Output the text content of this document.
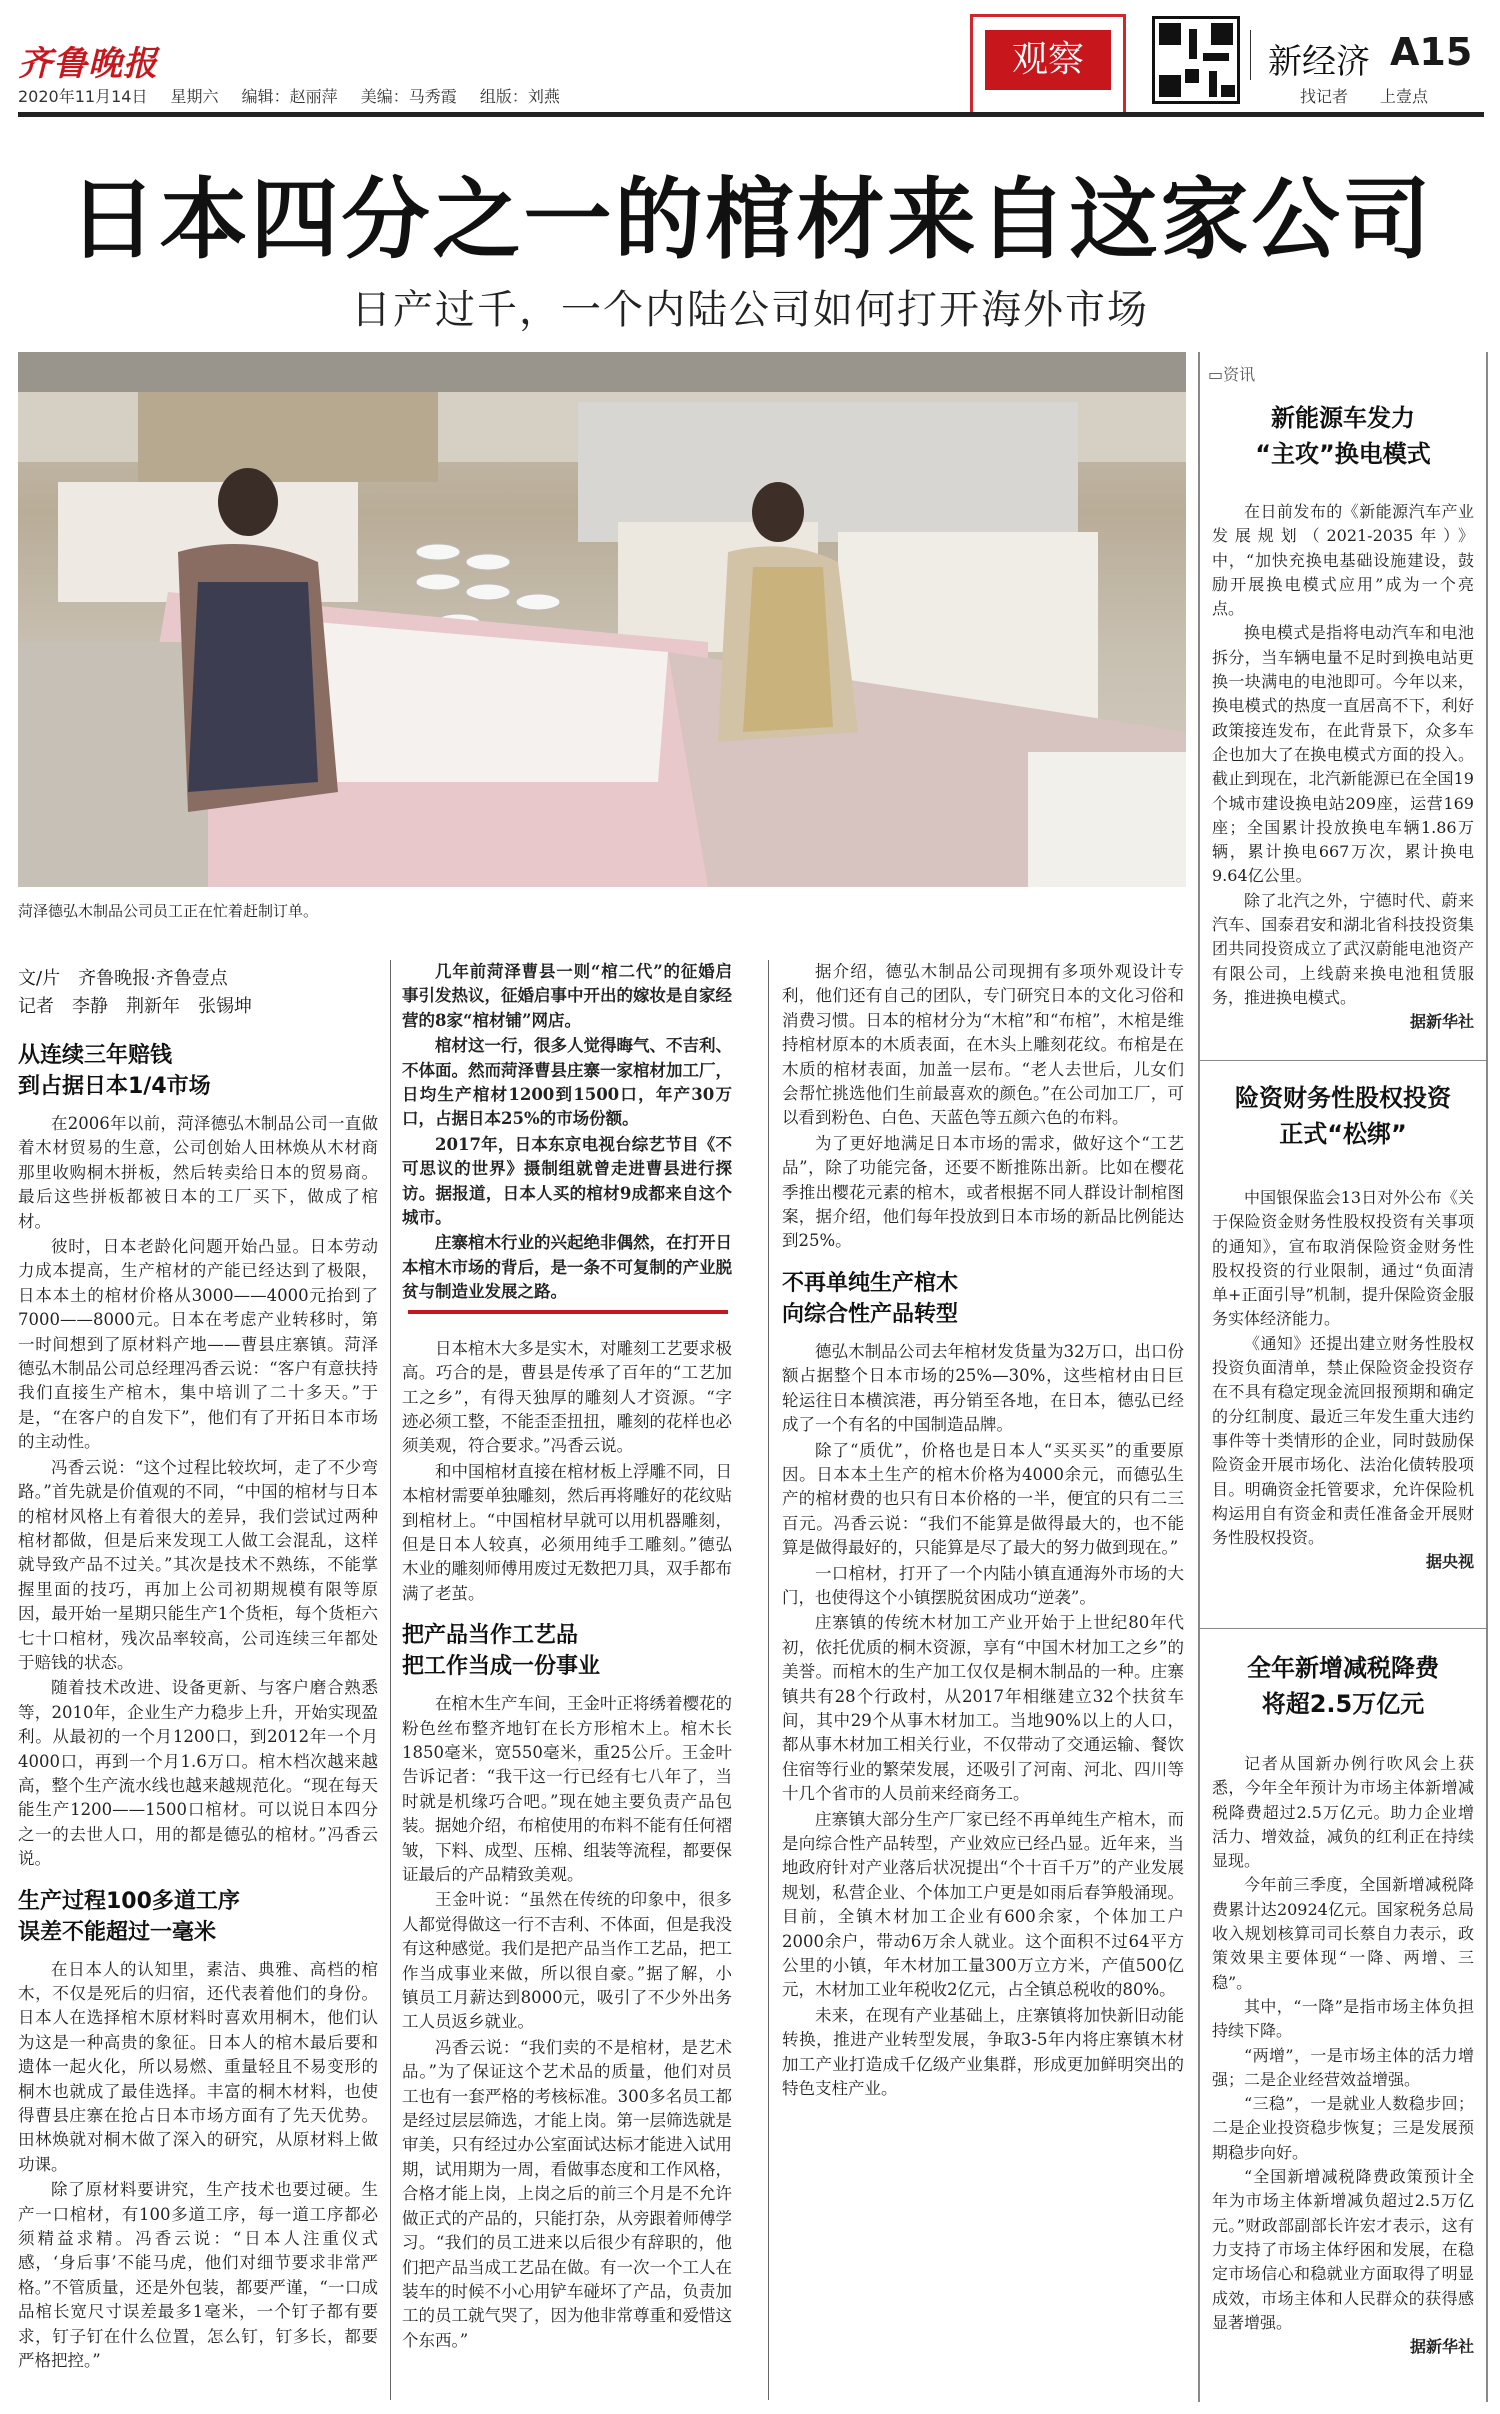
齐鲁晚报
2020年11月14日 星期六 编辑：赵丽萍 美编：马秀霞 组版：刘燕
观察	新经济 A15
找记者　　上壹点
日本四分之一的棺材来自这家公司
日产过千，一个内陆公司如何打开海外市场
菏泽德弘木制品公司员工正在忙着赶制订单。
文/片　齐鲁晚报·齐鲁壹点
记者　李静　荆新年　张锡坤
从连续三年赔钱
到占据日本1/4市场

在2006年以前，菏泽德弘木制品公司一直做着木材贸易的生意，公司创始人田林焕从木材商那里收购桐木拼板，然后转卖给日本的贸易商。最后这些拼板都被日本的工厂买下，做成了棺材。

彼时，日本老龄化问题开始凸显。日本劳动力成本提高，生产棺材的产能已经达到了极限，日本本土的棺材价格从3000——4000元抬到了7000——8000元。日本在考虑产业转移时，第一时间想到了原材料产地——曹县庄寨镇。菏泽德弘木制品公司总经理冯香云说：“客户有意扶持我们直接生产棺木，集中培训了二十多天。”于是，“在客户的自发下”，他们有了开拓日本市场的主动性。

冯香云说：“这个过程比较坎坷，走了不少弯路。”首先就是价值观的不同，“中国的棺材与日本的棺材风格上有着很大的差异，我们尝试过两种棺材都做，但是后来发现工人做工会混乱，这样就导致产品不过关。”其次是技术不熟练，不能掌握里面的技巧，再加上公司初期规模有限等原因，最开始一星期只能生产1个货柜，每个货柜六七十口棺材，残次品率较高，公司连续三年都处于赔钱的状态。

随着技术改进、设备更新、与客户磨合熟悉等，2010年，企业生产力稳步上升，开始实现盈利。从最初的一个月1200口，到2012年一个月4000口，再到一个月1.6万口。棺木档次越来越高，整个生产流水线也越来越规范化。“现在每天能生产1200——1500口棺材。可以说日本四分之一的去世人口，用的都是德弘的棺材。”冯香云说。

生产过程100多道工序
误差不能超过一毫米

在日本人的认知里，素洁、典雅、高档的棺木，不仅是死后的归宿，还代表着他们的身份。日本人在选择棺木原材料时喜欢用桐木，他们认为这是一种高贵的象征。日本人的棺木最后要和遗体一起火化，所以易燃、重量轻且不易变形的桐木也就成了最佳选择。丰富的桐木材料，也使得曹县庄寨在抢占日本市场方面有了先天优势。田林焕就对桐木做了深入的研究，从原材料上做功课。

除了原材料要讲究，生产技术也要过硬。生产一口棺材，有100多道工序，每一道工序都必须精益求精。冯香云说：“日本人注重仪式感，‘身后事’不能马虎，他们对细节要求非常严格。”不管质量，还是外包装，都要严谨，“一口成品棺长宽尺寸误差最多1毫米，一个钉子都有要求，钉子钉在什么位置，怎么钉，钉多长，都要严格把控。”

几年前菏泽曹县一则“棺二代”的征婚启事引发热议，征婚启事中开出的嫁妆是自家经营的8家“棺材铺”网店。

棺材这一行，很多人觉得晦气、不吉利、不体面。然而菏泽曹县庄寨一家棺材加工厂，日均生产棺材1200到1500口，年产30万口，占据日本25%的市场份额。

2017年，日本东京电视台综艺节目《不可思议的世界》摄制组就曾走进曹县进行探访。据报道，日本人买的棺材9成都来自这个城市。

庄寨棺木行业的兴起绝非偶然，在打开日本棺木市场的背后，是一条不可复制的产业脱贫与制造业发展之路。

日本棺木大多是实木，对雕刻工艺要求极高。巧合的是，曹县是传承了百年的“工艺加工之乡”，有得天独厚的雕刻人才资源。“字迹必须工整，不能歪歪扭扭，雕刻的花样也必须美观，符合要求。”冯香云说。

和中国棺材直接在棺材板上浮雕不同，日本棺材需要单独雕刻，然后再将雕好的花纹贴到棺材上。“中国棺材早就可以用机器雕刻，但是日本人较真，必须用纯手工雕刻。”德弘木业的雕刻师傅用废过无数把刀具，双手都布满了老茧。

把产品当作工艺品
把工作当成一份事业

在棺木生产车间，王金叶正将绣着樱花的粉色丝布整齐地钉在长方形棺木上。棺木长1850毫米，宽550毫米，重25公斤。王金叶告诉记者：“我干这一行已经有七八年了，当时就是机缘巧合吧。”现在她主要负责产品包装。据她介绍，布棺使用的布料不能有任何褶皱，下料、成型、压棉、组装等流程，都要保证最后的产品精致美观。

王金叶说：“虽然在传统的印象中，很多人都觉得做这一行不吉利、不体面，但是我没有这种感觉。我们是把产品当作工艺品，把工作当成事业来做，所以很自豪。”据了解，小镇员工月薪达到8000元，吸引了不少外出务工人员返乡就业。

冯香云说：“我们卖的不是棺材，是艺术品。”为了保证这个艺术品的质量，他们对员工也有一套严格的考核标准。300多名员工都是经过层层筛选，才能上岗。第一层筛选就是审美，只有经过办公室面试达标才能进入试用期，试用期为一周，看做事态度和工作风格，合格才能上岗，上岗之后的前三个月是不允许做正式的产品的，只能打杂，从旁跟着师傅学习。“我们的员工进来以后很少有辞职的，他们把产品当成工艺品在做。有一次一个工人在装车的时候不小心用铲车碰坏了产品，负责加工的员工就气哭了，因为他非常尊重和爱惜这个东西。”

据介绍，德弘木制品公司现拥有多项外观设计专利，他们还有自己的团队，专门研究日本的文化习俗和消费习惯。日本的棺材分为“木棺”和“布棺”，木棺是维持棺材原本的木质表面，在木头上雕刻花纹。布棺是在木质的棺材表面，加盖一层布。“老人去世后，儿女们会帮忙挑选他们生前最喜欢的颜色。”在公司加工厂，可以看到粉色、白色、天蓝色等五颜六色的布料。

为了更好地满足日本市场的需求，做好这个“工艺品”，除了功能完备，还要不断推陈出新。比如在樱花季推出樱花元素的棺木，或者根据不同人群设计制棺图案，据介绍，他们每年投放到日本市场的新品比例能达到25%。

不再单纯生产棺木
向综合性产品转型

德弘木制品公司去年棺材发货量为32万口，出口份额占据整个日本市场的25%—30%，这些棺材由日巨轮运往日本横滨港，再分销至各地，在日本，德弘已经成了一个有名的中国制造品牌。

除了“质优”，价格也是日本人“买买买”的重要原因。日本本土生产的棺木价格为4000余元，而德弘生产的棺材费的也只有日本价格的一半，便宜的只有二三百元。冯香云说：“我们不能算是做得最大的，也不能算是做得最好的，只能算是尽了最大的努力做到现在。”

一口棺材，打开了一个内陆小镇直通海外市场的大门，也使得这个小镇摆脱贫困成功“逆袭”。

庄寨镇的传统木材加工产业开始于上世纪80年代初，依托优质的桐木资源，享有“中国木材加工之乡”的美誉。而棺木的生产加工仅仅是桐木制品的一种。庄寨镇共有28个行政村，从2017年相继建立32个扶贫车间，其中29个从事木材加工。当地90%以上的人口，都从事木材加工相关行业，不仅带动了交通运输、餐饮住宿等行业的繁荣发展，还吸引了河南、河北、四川等十几个省市的人员前来经商务工。

庄寨镇大部分生产厂家已经不再单纯生产棺木，而是向综合性产品转型，产业效应已经凸显。近年来，当地政府针对产业落后状况提出“个十百千万”的产业发展规划，私营企业、个体加工户更是如雨后春笋般涌现。目前，全镇木材加工企业有600余家，个体加工户2000余户，带动6万余人就业。这个面积不过64平方公里的小镇，年木材加工量300万立方米，产值500亿元，木材加工业年税收2亿元，占全镇总税收的80%。

未来，在现有产业基础上，庄寨镇将加快新旧动能转换，推进产业转型发展，争取3-5年内将庄寨镇木材加工产业打造成千亿级产业集群，形成更加鲜明突出的特色支柱产业。

▭资讯
新能源车发力
“主攻”换电模式

在日前发布的《新能源汽车产业发展规划（2021-2035年）》中，“加快充换电基础设施建设，鼓励开展换电模式应用”成为一个亮点。

换电模式是指将电动汽车和电池拆分，当车辆电量不足时到换电站更换一块满电的电池即可。今年以来，换电模式的热度一直居高不下，利好政策接连发布，在此背景下，众多车企也加大了在换电模式方面的投入。截止到现在，北汽新能源已在全国19个城市建设换电站209座，运营169座；全国累计投放换电车辆1.86万辆，累计换电667万次，累计换电9.64亿公里。

除了北汽之外，宁德时代、蔚来汽车、国泰君安和湖北省科技投资集团共同投资成立了武汉蔚能电池资产有限公司，上线蔚来换电池租赁服务，推进换电模式。

据新华社
险资财务性股权投资
正式“松绑”

中国银保监会13日对外公布《关于保险资金财务性股权投资有关事项的通知》，宣布取消保险资金财务性股权投资的行业限制，通过“负面清单+正面引导”机制，提升保险资金服务实体经济能力。

《通知》还提出建立财务性股权投资负面清单，禁止保险资金投资存在不具有稳定现金流回报预期和确定的分红制度、最近三年发生重大违约事件等十类情形的企业，同时鼓励保险资金开展市场化、法治化债转股项目。明确资金托管要求，允许保险机构运用自有资金和责任准备金开展财务性股权投资。

据央视
全年新增减税降费
将超2.5万亿元

记者从国新办例行吹风会上获悉，今年全年预计为市场主体新增减税降费超过2.5万亿元。助力企业增活力、增效益，减负的红利正在持续显现。

今年前三季度，全国新增减税降费累计达20924亿元。国家税务总局收入规划核算司司长蔡自力表示，政策效果主要体现“一降、两增、三稳”。

其中，“一降”是指市场主体负担持续下降。

“两增”，一是市场主体的活力增强；二是企业经营效益增强。

“三稳”，一是就业人数稳步回；二是企业投资稳步恢复；三是发展预期稳步向好。

“全国新增减税降费政策预计全年为市场主体新增减负超过2.5万亿元。”财政部副部长许宏才表示，这有力支持了市场主体纾困和发展，在稳定市场信心和稳就业方面取得了明显成效，市场主体和人民群众的获得感显著增强。

据新华社
